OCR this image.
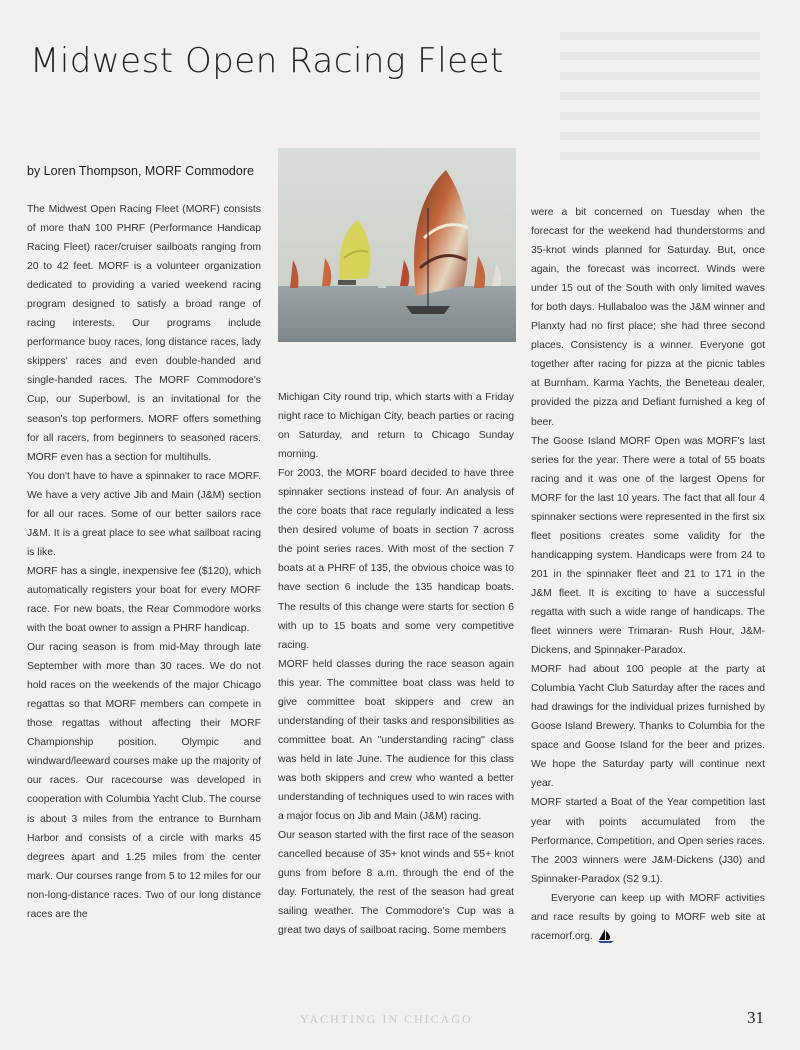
Midwest Open Racing Fleet
by Loren Thompson, MORF Commodore

The Midwest Open Racing Fleet (MORF) consists of more thaN 100 PHRF (Performance Handicap Racing Fleet) racer/cruiser sailboats ranging from 20 to 42 feet. MORF is a volunteer organization dedicated to providing a varied weekend racing program designed to satisfy a broad range of racing interests. Our programs include performance buoy races, long distance races, lady skippers' races and even double-handed and single-handed races. The MORF Commodore's Cup, our Superbowl, is an invitational for the season's top performers. MORF offers something for all racers, from beginners to seasoned racers. MORF even has a section for multihulls.

You don't have to have a spinnaker to race MORF. We have a very active Jib and Main (J&M) section for all our races. Some of our better sailors race J&M. It is a great place to see what sailboat racing is like.

MORF has a single, inexpensive fee ($120), which automatically registers your boat for every MORF race. For new boats, the Rear Commodore works with the boat owner to assign a PHRF handicap.

Our racing season is from mid-May through late September with more than 30 races. We do not hold races on the weekends of the major Chicago regattas so that MORF members can compete in those regattas without affecting their MORF Championship position. Olympic and windward/leeward courses make up the majority of our races. Our racecourse was developed in cooperation with Columbia Yacht Club. The course is about 3 miles from the entrance to Burnham Harbor and consists of a circle with marks 45 degrees apart and 1.25 miles from the center mark. Our courses range from 5 to 12 miles for our non-long-distance races. Two of our long distance races are the

Michigan City round trip, which starts with a Friday night race to Michigan City, beach parties or racing on Saturday, and return to Chicago Sunday morning.

For 2003, the MORF board decided to have three spinnaker sections instead of four. An analysis of the core boats that race regularly indicated a less then desired volume of boats in section 7 across the point series races. With most of the section 7 boats at a PHRF of 135, the obvious choice was to have section 6 include the 135 handicap boats. The results of this change were starts for section 6 with up to 15 boats and some very competitive racing.

MORF held classes during the race season again this year. The committee boat class was held to give committee boat skippers and crew an understanding of their tasks and responsibilities as committee boat. An "understanding racing" class was held in late June. The audience for this class was both skippers and crew who wanted a better understanding of techniques used to win races with a major focus on Jib and Main (J&M) racing.

Our season started with the first race of the season cancelled because of 35+ knot winds and 55+ knot guns from before 8 a.m. through the end of the day. Fortunately, the rest of the season had great sailing weather. The Commodore's Cup was a great two days of sailboat racing. Some members

were a bit concerned on Tuesday when the forecast for the weekend had thunderstorms and 35-knot winds planned for Saturday. But, once again, the forecast was incorrect. Winds were under 15 out of the South with only limited waves for both days. Hullabaloo was the J&M winner and Planxty had no first place; she had three second places. Consistency is a winner. Everyone got together after racing for pizza at the picnic tables at Burnham. Karma Yachts, the Beneteau dealer, provided the pizza and Defiant furnished a keg of beer.

The Goose Island MORF Open was MORF's last series for the year. There were a total of 55 boats racing and it was one of the largest Opens for MORF for the last 10 years. The fact that all four 4 spinnaker sections were represented in the first six fleet positions creates some validity for the handicapping system. Handicaps were from 24 to 201 in the spinnaker fleet and 21 to 171 in the J&M fleet. It is exciting to have a successful regatta with such a wide range of handicaps. The fleet winners were Trimaran- Rush Hour, J&M-Dickens, and Spinnaker-Paradox.

MORF had about 100 people at the party at Columbia Yacht Club Saturday after the races and had drawings for the individual prizes furnished by Goose Island Brewery. Thanks to Columbia for the space and Goose Island for the beer and prizes. We hope the Saturday party will continue next year.

MORF started a Boat of the Year competition last year with points accumulated from the Performance, Competition, and Open series races. The 2003 winners were J&M-Dickens (J30) and Spinnaker-Paradox (S2 9.1).

Everyone can keep up with MORF activities and race results by going to MORF web site at racemorf.org.

YACHTING IN CHICAGO	31
